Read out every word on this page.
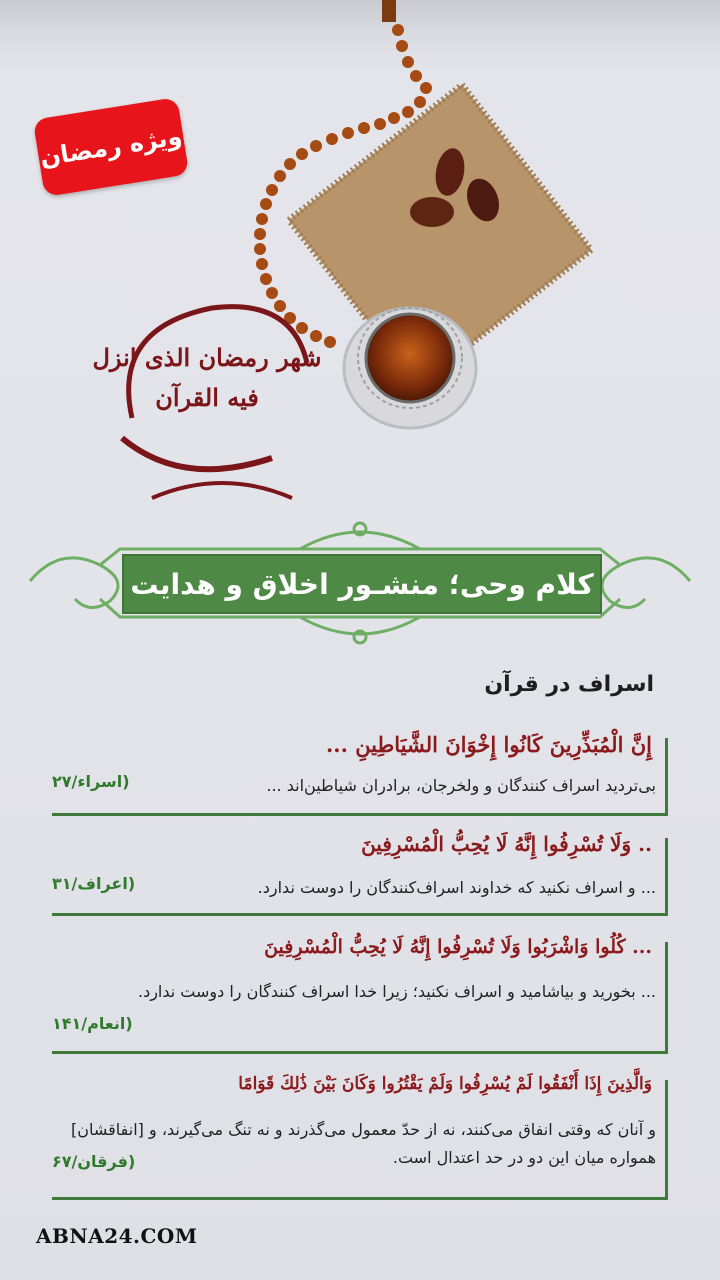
ویژه رمضان
شهر رمضان الذی انزل فیه القرآن
کلام وحی؛ منشـور اخلاق و هدایت
اسراف در قرآن
إِنَّ الْمُبَذِّرِينَ كَانُوا إِخْوَانَ الشَّيَاطِينِ ...
بی‌تردید اسراف کنندگان و ولخرجان، برادران شیاطین‌اند ...
(اسراء/۲۷
.. وَلَا تُسْرِفُوا إِنَّهُ لَا يُحِبُّ الْمُسْرِفِينَ
... و اسراف نکنید که خداوند اسراف‌کنندگان را دوست ندارد.
(اعراف/۳۱
... كُلُوا وَاشْرَبُوا وَلَا تُسْرِفُوا إِنَّهُ لَا يُحِبُّ الْمُسْرِفِينَ
... بخورید و بیاشامید و اسراف نکنید؛ زیرا خدا اسراف کنندگان را دوست ندارد.
(انعام/۱۴۱
وَالَّذِينَ إِذَا أَنْفَقُوا لَمْ يُسْرِفُوا وَلَمْ يَقْتُرُوا وَكَانَ بَيْنَ ذَٰلِكَ قَوَامًا
و آنان که وقتی انفاق می‌کنند، نه از حدّ معمول می‌گذرند و نه تنگ می‌گیرند، و [انفاقشان] همواره میان این دو در حد اعتدال است.
(فرقان/۶۷
ABNA24.COM
